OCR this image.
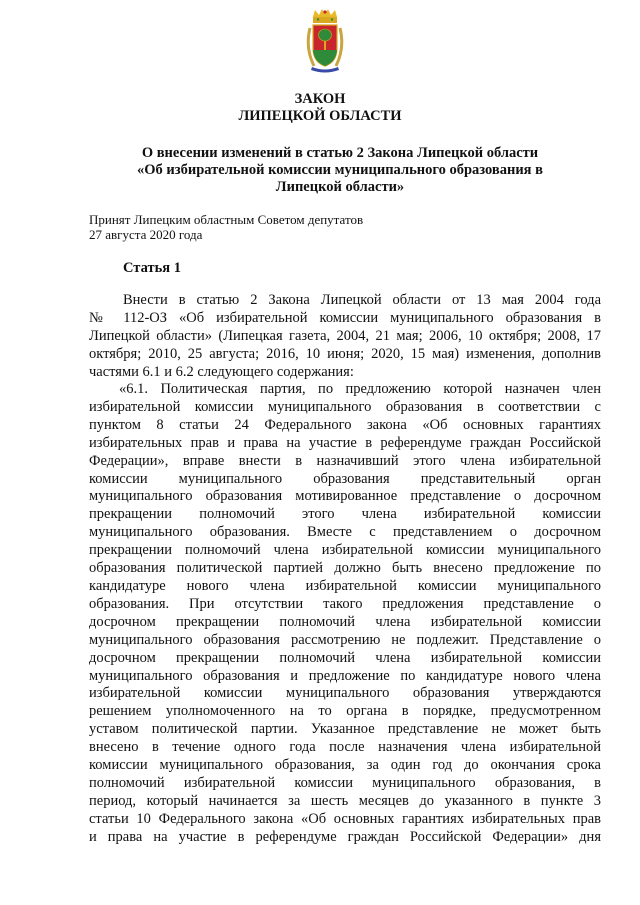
ЗАКОН
ЛИПЕЦКОЙ ОБЛАСТИ
О внесении изменений в статью 2 Закона Липецкой области
«Об избирательной комиссии муниципального образования в
Липецкой области»
Принят Липецким областным Советом депутатов
27 августа 2020 года
Статья 1
Внести в статью 2 Закона Липецкой области от 13 мая 2004 года
№ 112-ОЗ «Об избирательной комиссии муниципального образования в
Липецкой области» (Липецкая газета, 2004, 21 мая; 2006, 10 октября; 2008, 17
октября; 2010, 25 августа; 2016, 10 июня; 2020, 15 мая) изменения, дополнив
частями 6.1 и 6.2 следующего содержания:
«6.1. Политическая партия, по предложению которой назначен член
избирательной комиссии муниципального образования в соответствии с
пунктом 8 статьи 24 Федерального закона «Об основных гарантиях
избирательных прав и права на участие в референдуме граждан Российской
Федерации», вправе внести в назначивший этого члена избирательной
комиссии муниципального образования представительный орган
муниципального образования мотивированное представление о досрочном
прекращении полномочий этого члена избирательной комиссии
муниципального образования. Вместе с представлением о досрочном
прекращении полномочий члена избирательной комиссии муниципального
образования политической партией должно быть внесено предложение по
кандидатуре нового члена избирательной комиссии муниципального
образования. При отсутствии такого предложения представление о
досрочном прекращении полномочий члена избирательной комиссии
муниципального образования рассмотрению не подлежит. Представление о
досрочном прекращении полномочий члена избирательной комиссии
муниципального образования и предложение по кандидатуре нового члена
избирательной комиссии муниципального образования утверждаются
решением уполномоченного на то органа в порядке, предусмотренном
уставом политической партии. Указанное представление не может быть
внесено в течение одного года после назначения члена избирательной
комиссии муниципального образования, за один год до окончания срока
полномочий избирательной комиссии муниципального образования, в
период, который начинается за шесть месяцев до указанного в пункте 3
статьи 10 Федерального закона «Об основных гарантиях избирательных прав
и права на участие в референдуме граждан Российской Федерации» дня
